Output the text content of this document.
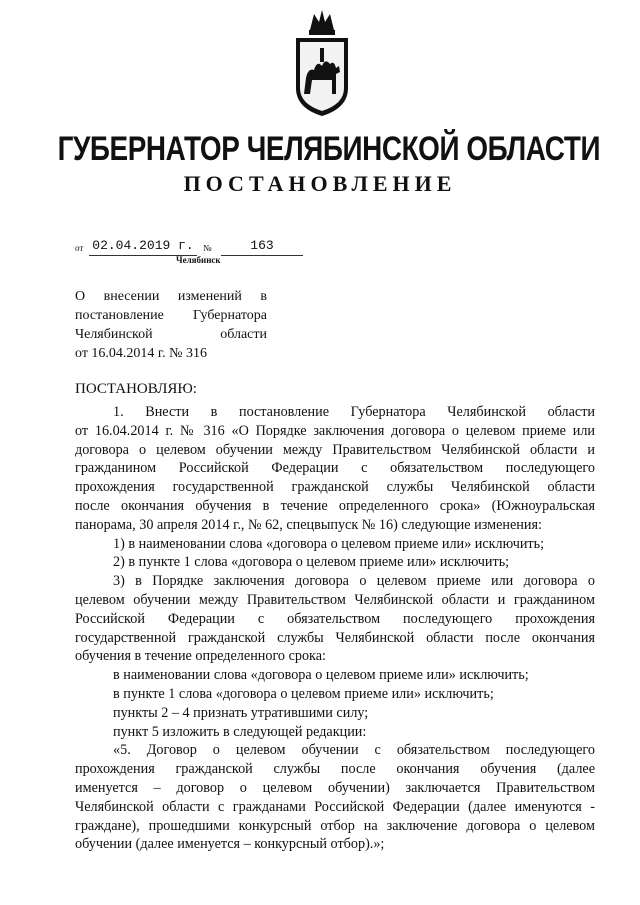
ГУБЕРНАТОР ЧЕЛЯБИНСКОЙ ОБЛАСТИ
ПОСТАНОВЛЕНИЕ
от 02.04.2019 г.	№	163
Челябинск
О внесении изменений в
постановление Губернатора
Челябинской области
от 16.04.2014 г. № 316
ПОСТАНОВЛЯЮ:
1. Внести в постановление Губернатора Челябинской области
от 16.04.2014 г. № 316 «О Порядке заключения договора о целевом приеме или
договора о целевом обучении между Правительством Челябинской области и
гражданином Российской Федерации с обязательством последующего
прохождения государственной гражданской службы Челябинской области
после окончания обучения в течение определенного срока» (Южноуральская
панорама, 30 апреля 2014 г., № 62, спецвыпуск № 16) следующие изменения:
1) в наименовании слова «договора о целевом приеме или» исключить;
2) в пункте 1 слова «договора о целевом приеме или» исключить;
3) в Порядке заключения договора о целевом приеме или договора о
целевом обучении между Правительством Челябинской области и гражданином
Российской Федерации с обязательством последующего прохождения
государственной гражданской службы Челябинской области после окончания
обучения в течение определенного срока:
в наименовании слова «договора о целевом приеме или» исключить;
в пункте 1 слова «договора о целевом приеме или» исключить;
пункты 2 – 4 признать утратившими силу;
пункт 5 изложить в следующей редакции:
«5. Договор о целевом обучении с обязательством последующего
прохождения гражданской службы после окончания обучения (далее
именуется – договор о целевом обучении) заключается Правительством
Челябинской области с гражданами Российской Федерации (далее именуются -
граждане), прошедшими конкурсный отбор на заключение договора о целевом
обучении (далее именуется – конкурсный отбор).»;
